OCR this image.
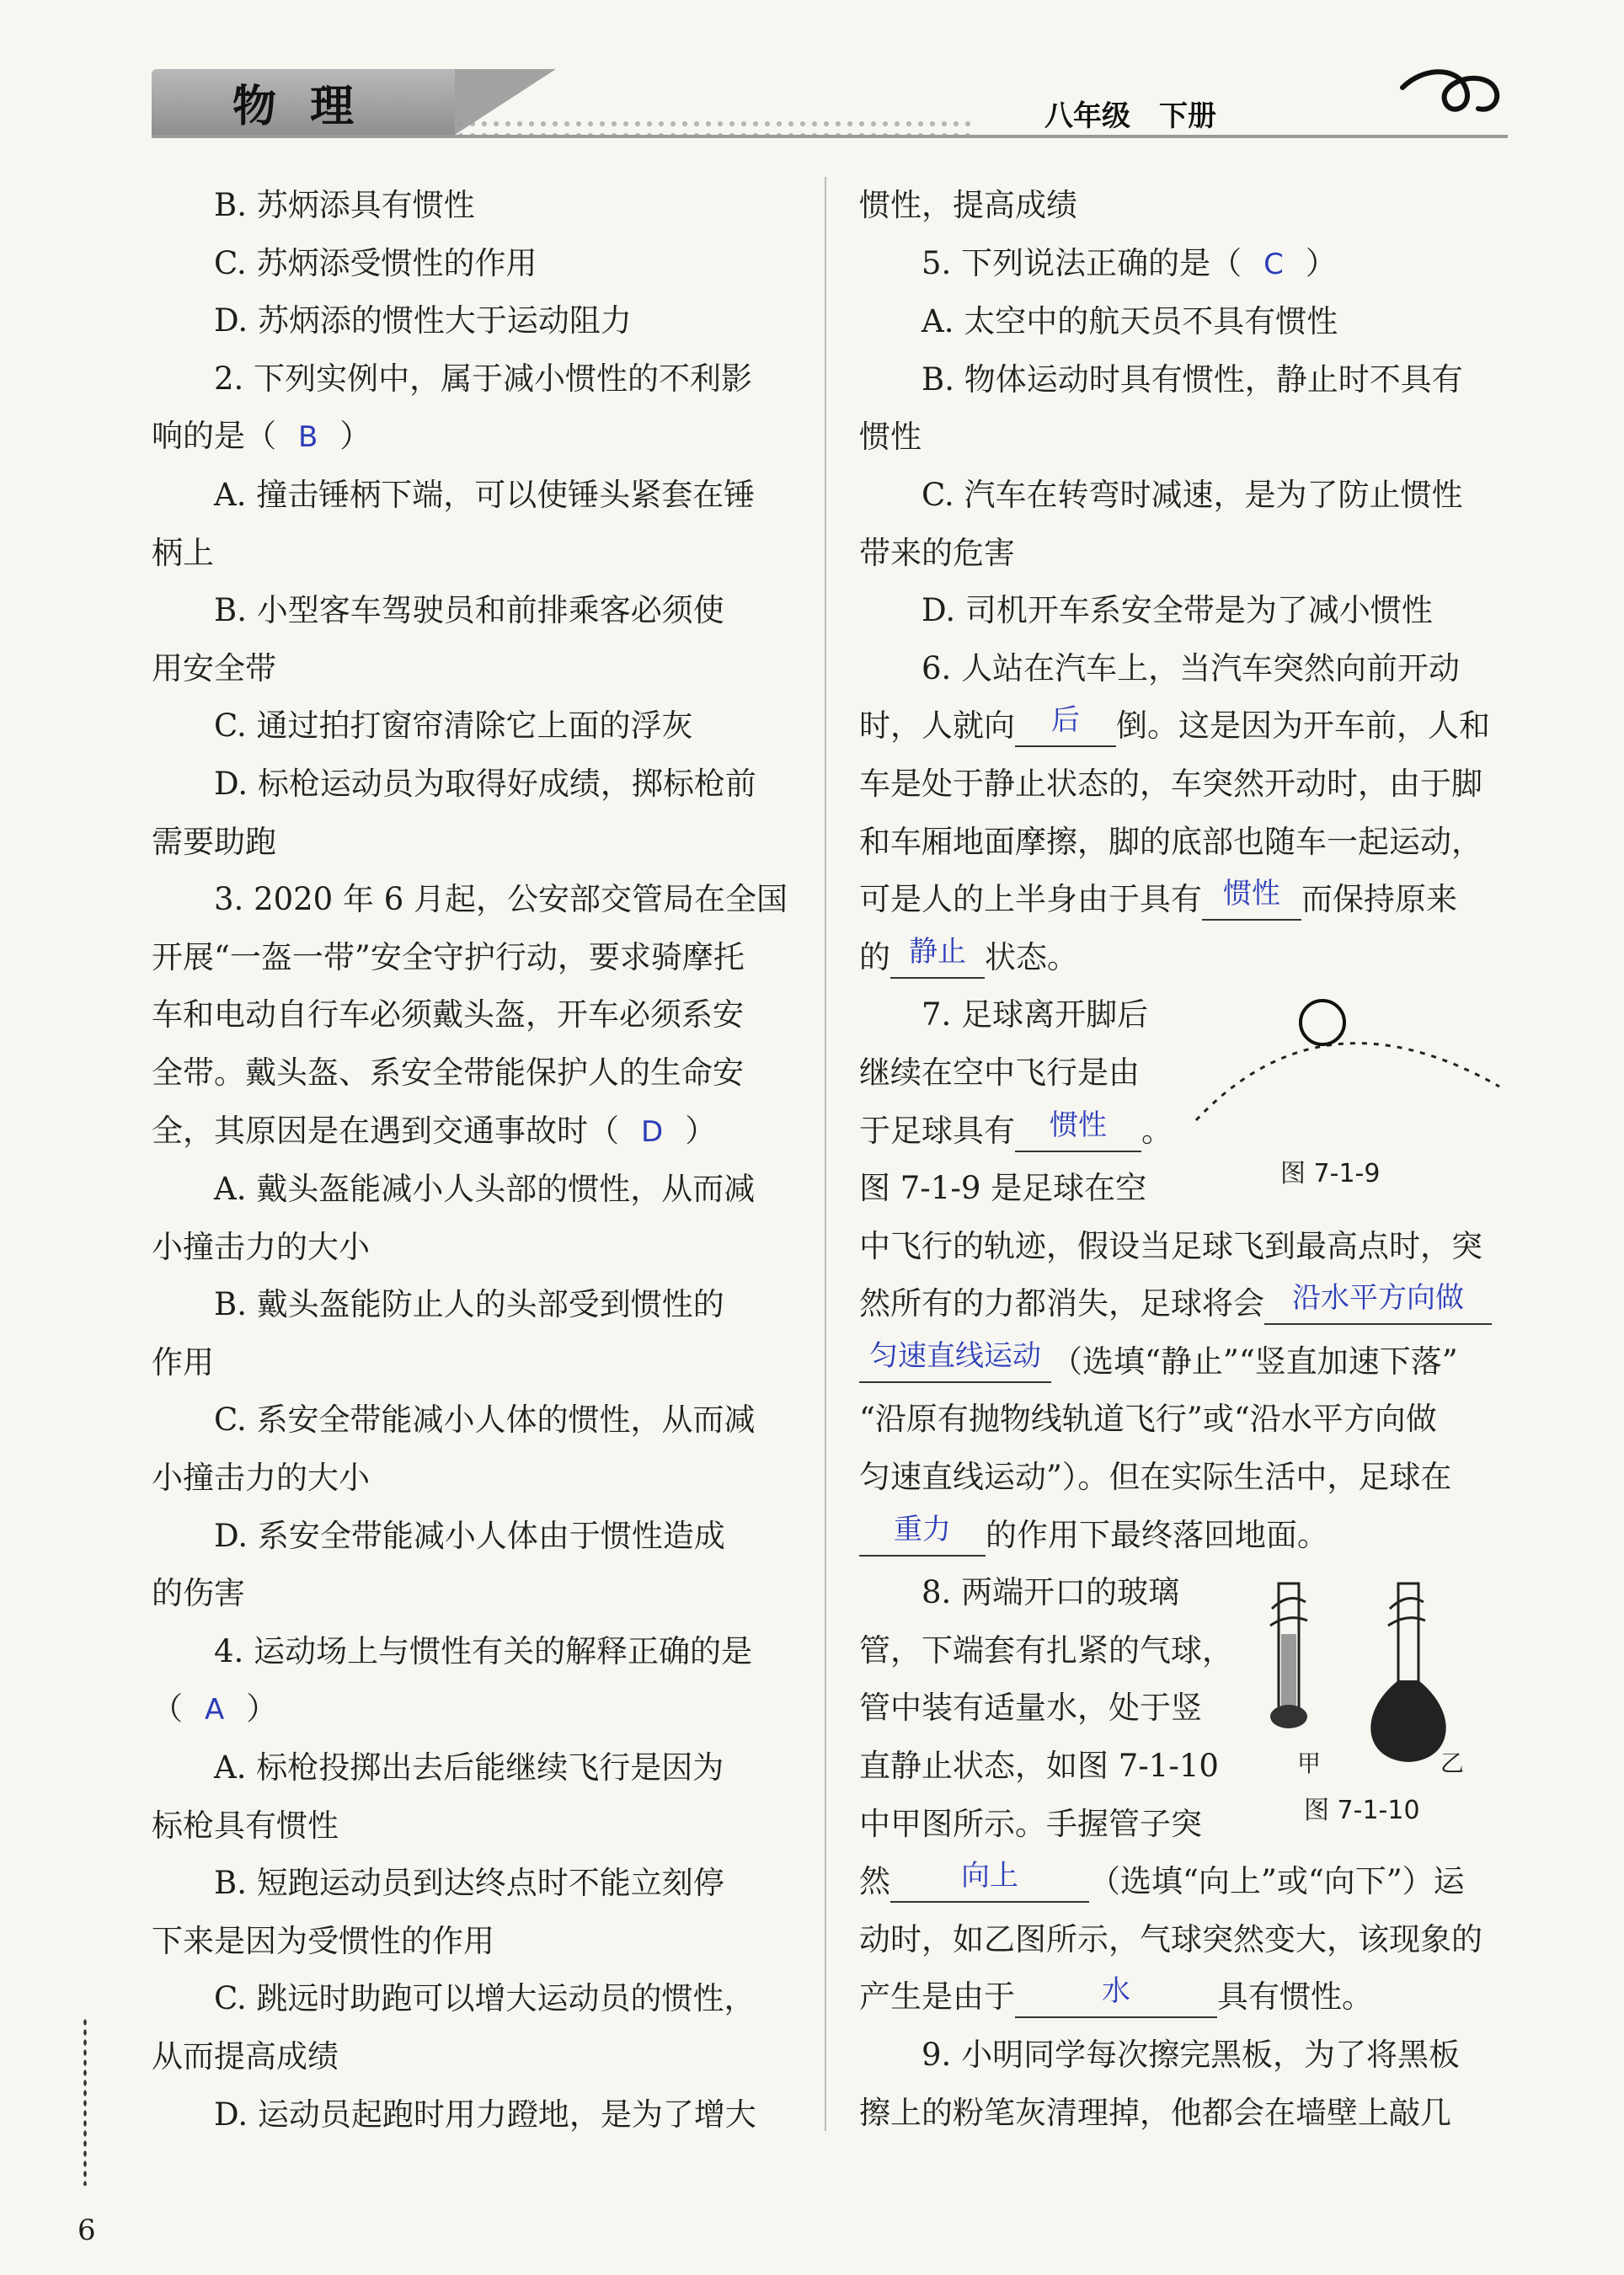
物理	八年级　下册

B. 苏炳添具有惯性

C. 苏炳添受惯性的作用

D. 苏炳添的惯性大于运动阻力

2. 下列实例中，属于减小惯性的不利影

响的是（ B ）

A. 撞击锤柄下端，可以使锤头紧套在锤

柄上

B. 小型客车驾驶员和前排乘客必须使

用安全带

C. 通过拍打窗帘清除它上面的浮灰

D. 标枪运动员为取得好成绩，掷标枪前

需要助跑

3. 2020 年 6 月起，公安部交管局在全国

开展“一盔一带”安全守护行动，要求骑摩托

车和电动自行车必须戴头盔，开车必须系安

全带。戴头盔、系安全带能保护人的生命安

全，其原因是在遇到交通事故时（ D ）

A. 戴头盔能减小人头部的惯性，从而减

小撞击力的大小

B. 戴头盔能防止人的头部受到惯性的

作用

C. 系安全带能减小人体的惯性，从而减

小撞击力的大小

D. 系安全带能减小人体由于惯性造成

的伤害

4. 运动场上与惯性有关的解释正确的是

（ A ）

A. 标枪投掷出去后能继续飞行是因为

标枪具有惯性

B. 短跑运动员到达终点时不能立刻停

下来是因为受惯性的作用

C. 跳远时助跑可以增大运动员的惯性，

从而提高成绩

D. 运动员起跑时用力蹬地，是为了增大

惯性，提高成绩

5. 下列说法正确的是（ C ）

A. 太空中的航天员不具有惯性

B. 物体运动时具有惯性，静止时不具有

惯性

C. 汽车在转弯时减速，是为了防止惯性

带来的危害

D. 司机开车系安全带是为了减小惯性

6. 人站在汽车上，当汽车突然向前开动

时，人就向 后 倒。这是因为开车前，人和

车是处于静止状态的，车突然开动时，由于脚

和车厢地面摩擦，脚的底部也随车一起运动，

可是人的上半身由于具有 惯性 而保持原来

的 静止 状态。

7. 足球离开脚后

继续在空中飞行是由

于足球具有 惯性 。

图 7-1-9 是足球在空

中飞行的轨迹，假设当足球飞到最高点时，突

然所有的力都消失，足球将会 沿水平方向做

匀速直线运动 （选填“静止”“竖直加速下落”

“沿原有抛物线轨道飞行”或“沿水平方向做

匀速直线运动”）。但在实际生活中，足球在

重力 的作用下最终落回地面。

8. 两端开口的玻璃

管，下端套有扎紧的气球，

管中装有适量水，处于竖

直静止状态，如图 7-1-10

中甲图所示。手握管子突

然 向上 （选填“向上”或“向下”）运

动时，如乙图所示，气球突然变大，该现象的

产生是由于	水	具有惯性。

9. 小明同学每次擦完黑板，为了将黑板

擦上的粉笔灰清理掉，他都会在墙壁上敲几

图 7-1-9
甲	乙
图 7-1-10
6
